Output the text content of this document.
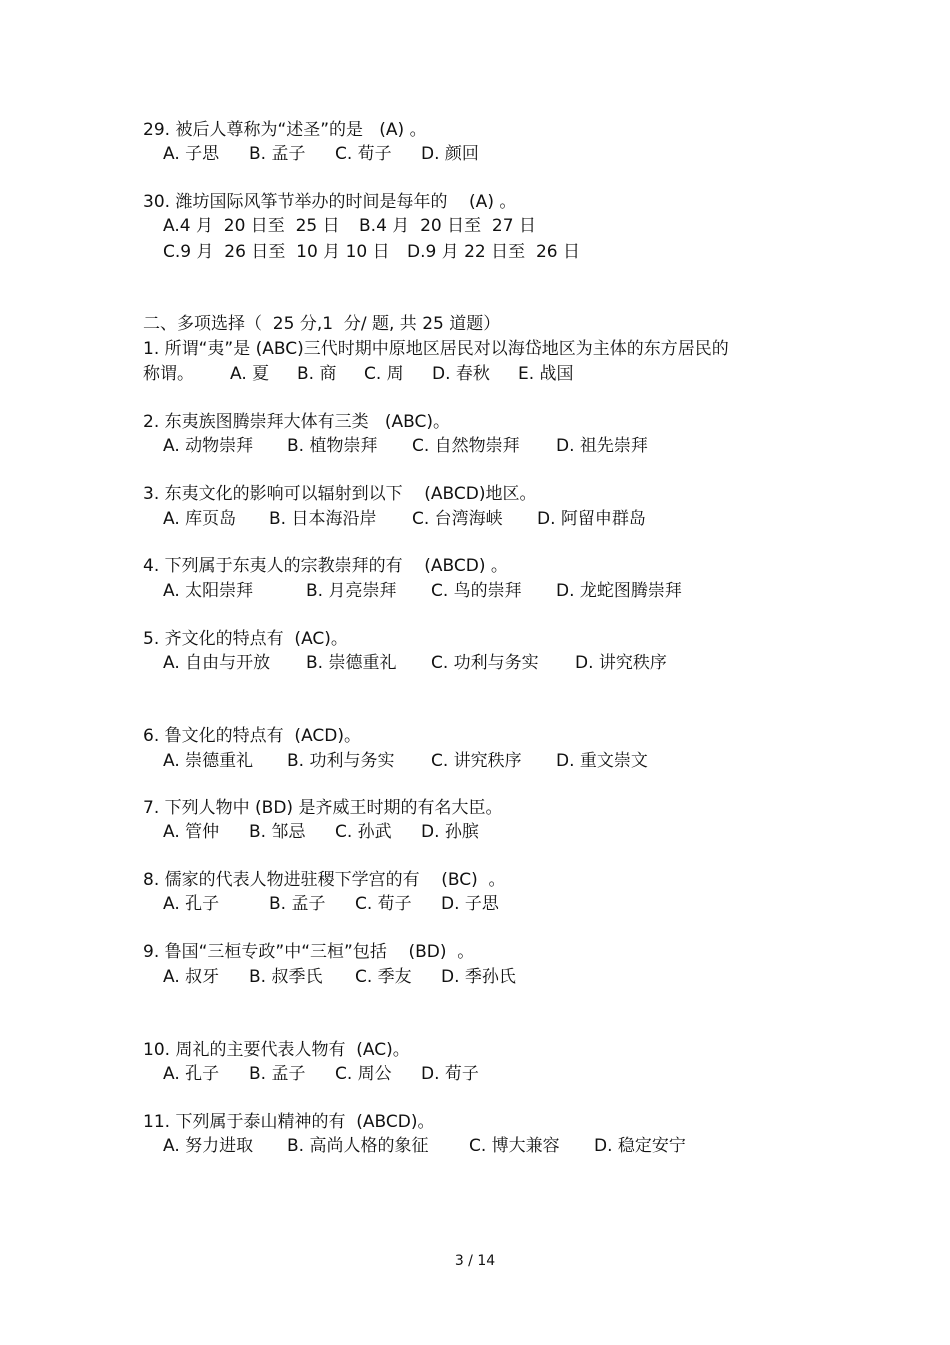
29. 被后人尊称为“述圣”的是   (A) 。

A. 子思

B. 孟子

C. 荀子

D. 颜回

30. 潍坊国际风筝节举办的时间是每年的    (A) 。

A.4 月  20 日至  25 日

B.4 月  20 日至  27 日

C.9 月  26 日至  10 月 10 日

D.9 月 22 日至  26 日

二、多项选择（  25 分,1  分/ 题, 共 25 道题）
1. 所谓“夷”是 (ABC)三代时期中原地区居民对以海岱地区为主体的东方居民的

称谓。

A. 夏

B. 商

C. 周

D. 春秋

E. 战国

2. 东夷族图腾崇拜大体有三类   (ABC)。

A. 动物崇拜

B. 植物崇拜

C. 自然物崇拜

D. 祖先崇拜

3. 东夷文化的影响可以辐射到以下    (ABCD)地区。

A. 库页岛

B. 日本海沿岸

C. 台湾海峡

D. 阿留申群岛

4. 下列属于东夷人的宗教崇拜的有    (ABCD) 。

A. 太阳崇拜

	B. 月亮崇拜

C. 鸟的崇拜

D. 龙蛇图腾崇拜

5. 齐文化的特点有  (AC)。

A. 自由与开放

B. 崇德重礼

C. 功利与务实

D. 讲究秩序

6. 鲁文化的特点有  (ACD)。

A. 崇德重礼

B. 功利与务实

C. 讲究秩序

D. 重文崇文

7. 下列人物中 (BD) 是齐威王时期的有名大臣。

A. 管仲

B. 邹忌

C. 孙武

D. 孙膑

8. 儒家的代表人物进驻稷下学宫的有    (BC)  。

A. 孔子

	B. 孟子

C. 荀子

D. 子思

9. 鲁国“三桓专政”中“三桓”包括    (BD)  。

A. 叔牙

B. 叔季氏

C. 季友

D. 季孙氏

10. 周礼的主要代表人物有  (AC)。

A. 孔子

B. 孟子

C. 周公

D. 荀子

11. 下列属于泰山精神的有  (ABCD)。

A. 努力进取

B. 高尚人格的象征

C. 博大兼容

D. 稳定安宁

3 / 14
